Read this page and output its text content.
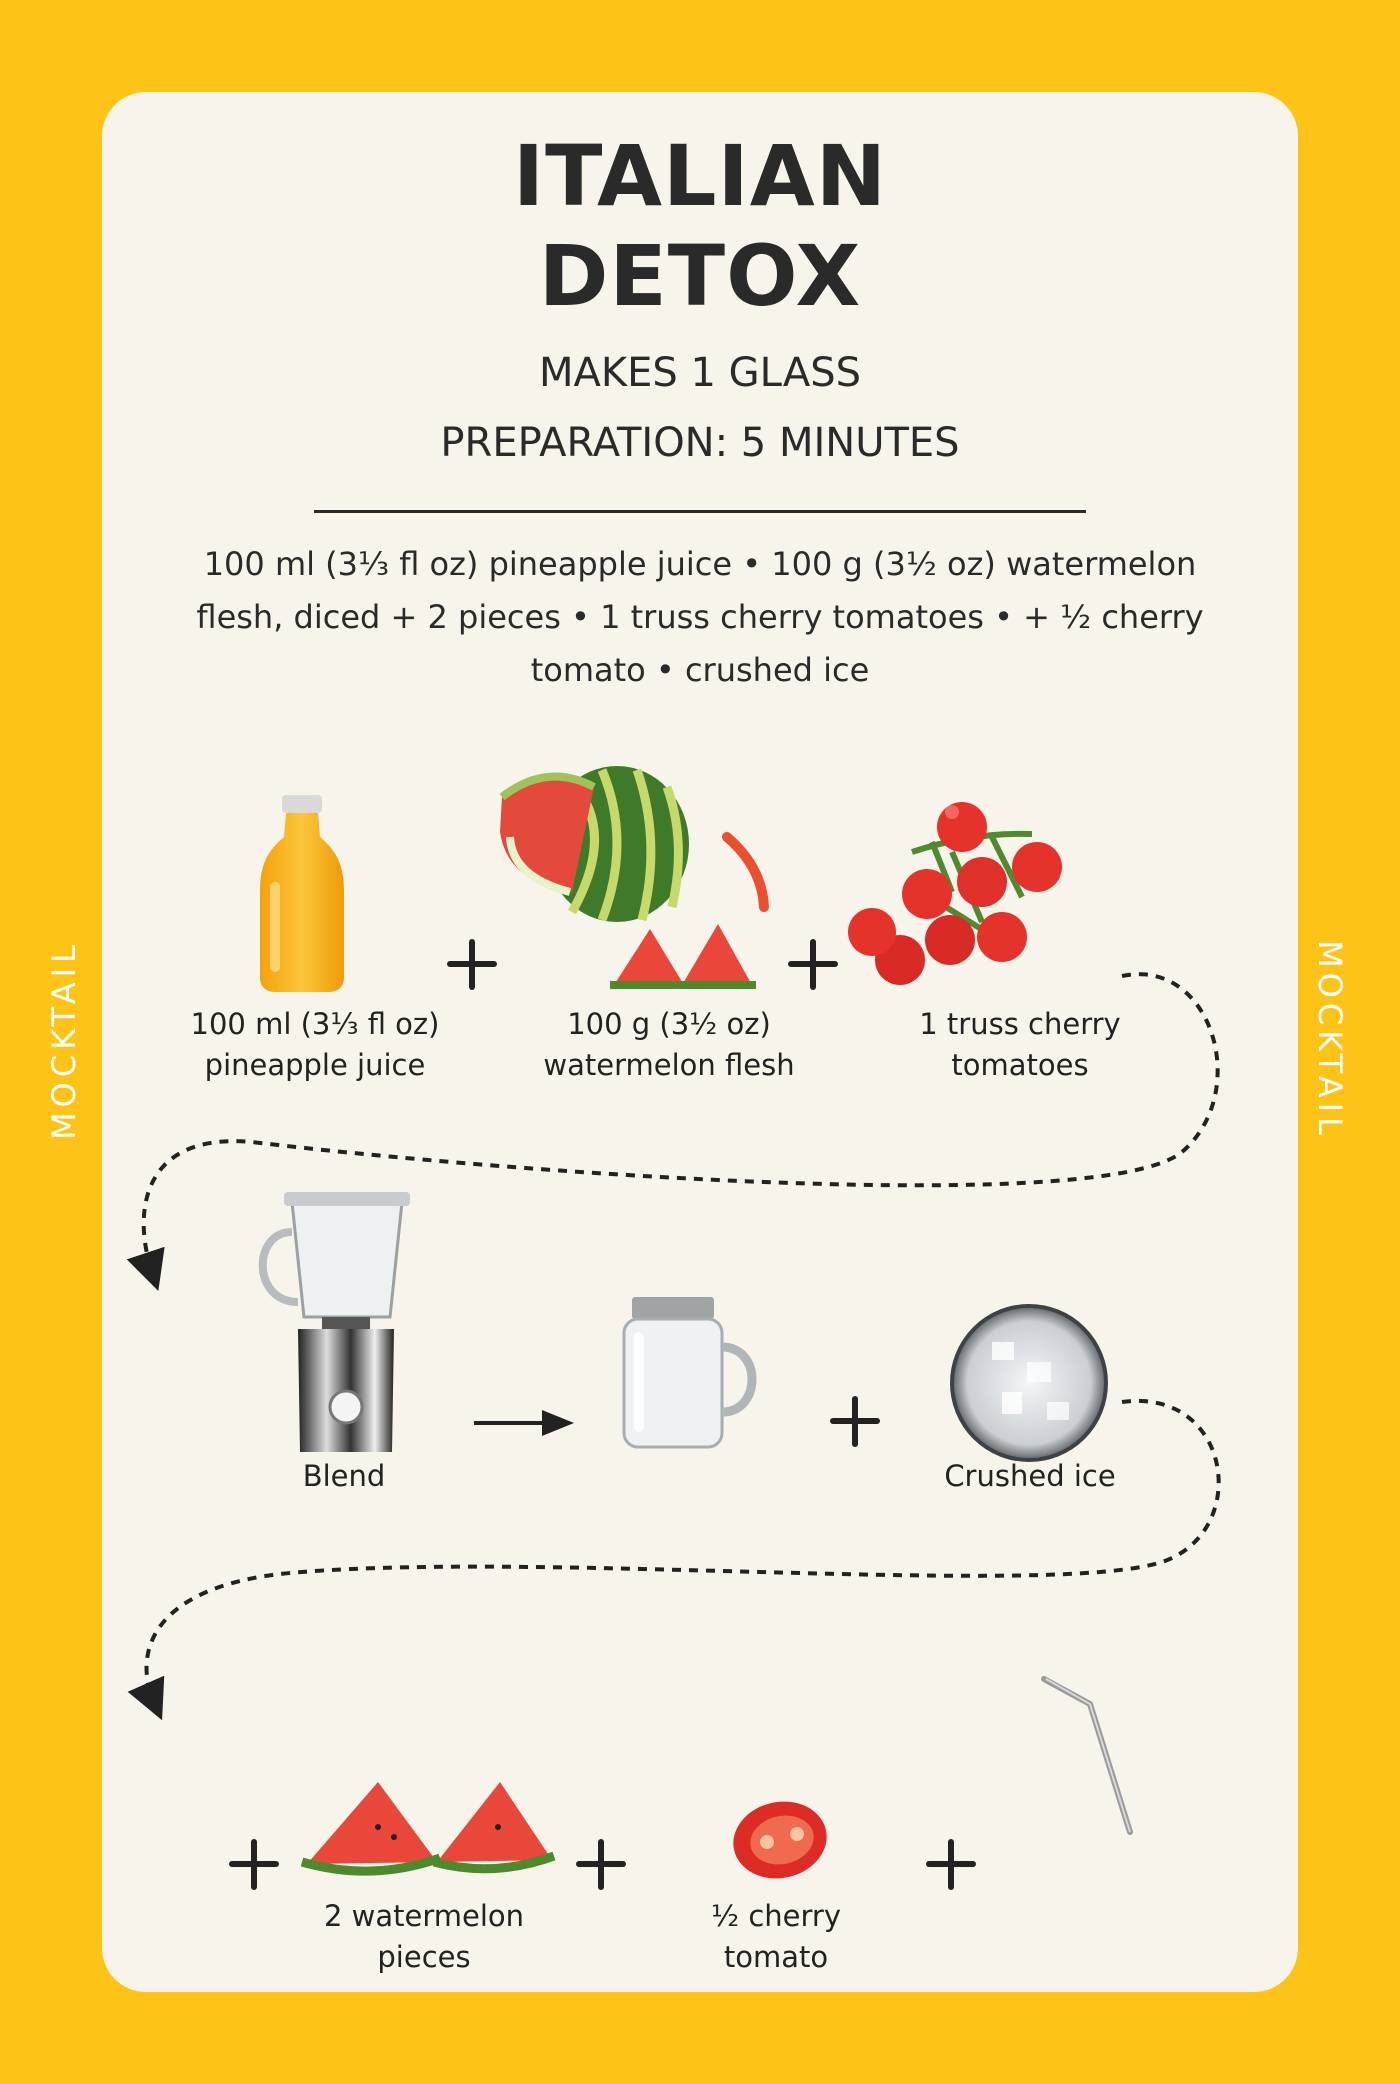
MOCKTAIL	MOCKTAIL
ITALIAN
DETOX
MAKES 1 GLASS
PREPARATION: 5 MINUTES
100 ml (3⅓ fl oz) pineapple juice • 100 g (3½ oz) watermelon flesh, diced + 2 pieces • 1 truss cherry tomatoes • + ½ cherry tomato • crushed ice
100 ml (3⅓ fl oz)
pineapple juice
100 g (3½ oz)
watermelon flesh
1 truss cherry
tomatoes
Blend	Crushed ice
2 watermelon
pieces
½ cherry
tomato
